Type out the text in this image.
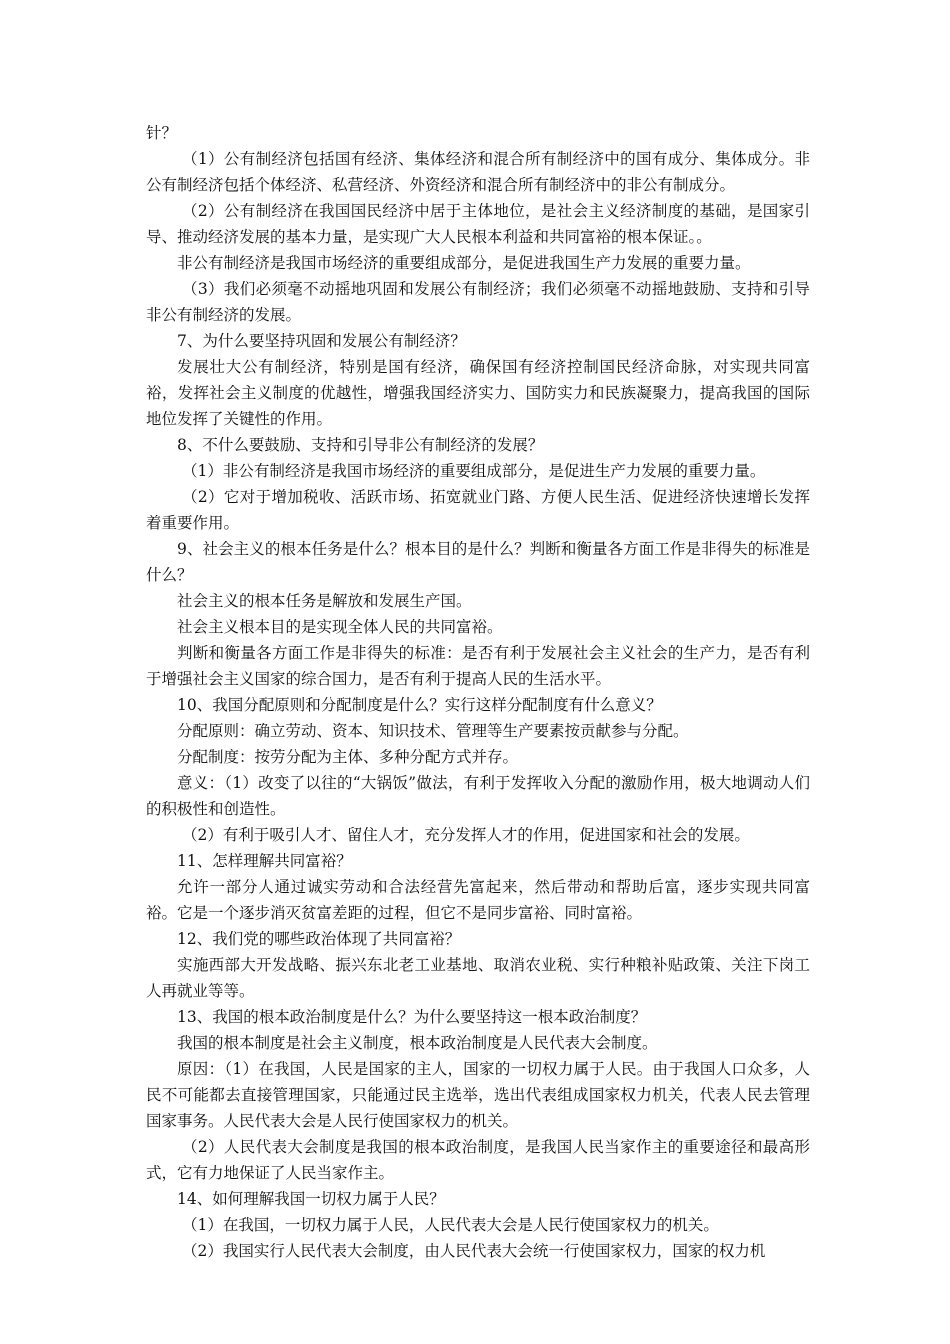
针？

（1）公有制经济包括国有经济、集体经济和混合所有制经济中的国有成分、集体成分。非公有制经济包括个体经济、私营经济、外资经济和混合所有制经济中的非公有制成分。

（2）公有制经济在我国国民经济中居于主体地位，是社会主义经济制度的基础，是国家引导、推动经济发展的基本力量，是实现广大人民根本利益和共同富裕的根本保证。。

非公有制经济是我国市场经济的重要组成部分，是促进我国生产力发展的重要力量。

（3）我们必须毫不动摇地巩固和发展公有制经济；我们必须毫不动摇地鼓励、支持和引导非公有制经济的发展。

7、为什么要坚持巩固和发展公有制经济？

发展壮大公有制经济，特别是国有经济，确保国有经济控制国民经济命脉，对实现共同富裕，发挥社会主义制度的优越性，增强我国经济实力、国防实力和民族凝聚力，提高我国的国际地位发挥了关键性的作用。

8、不什么要鼓励、支持和引导非公有制经济的发展？

（1）非公有制经济是我国市场经济的重要组成部分，是促进生产力发展的重要力量。

（2）它对于增加税收、活跃市场、拓宽就业门路、方便人民生活、促进经济快速增长发挥着重要作用。

9、社会主义的根本任务是什么？根本目的是什么？判断和衡量各方面工作是非得失的标准是什么？

社会主义的根本任务是解放和发展生产国。

社会主义根本目的是实现全体人民的共同富裕。

判断和衡量各方面工作是非得失的标准：是否有利于发展社会主义社会的生产力，是否有利于增强社会主义国家的综合国力，是否有利于提高人民的生活水平。

10、我国分配原则和分配制度是什么？实行这样分配制度有什么意义？

分配原则：确立劳动、资本、知识技术、管理等生产要素按贡献参与分配。

分配制度：按劳分配为主体、多种分配方式并存。

意义：（1）改变了以往的“大锅饭”做法，有利于发挥收入分配的激励作用，极大地调动人们的积极性和创造性。

（2）有利于吸引人才、留住人才，充分发挥人才的作用，促进国家和社会的发展。

11、怎样理解共同富裕？

允许一部分人通过诚实劳动和合法经营先富起来，然后带动和帮助后富，逐步实现共同富裕。它是一个逐步消灭贫富差距的过程，但它不是同步富裕、同时富裕。

12、我们党的哪些政治体现了共同富裕？

实施西部大开发战略、振兴东北老工业基地、取消农业税、实行种粮补贴政策、关注下岗工人再就业等等。

13、我国的根本政治制度是什么？为什么要坚持这一根本政治制度？

我国的根本制度是社会主义制度，根本政治制度是人民代表大会制度。

原因：（1）在我国，人民是国家的主人，国家的一切权力属于人民。由于我国人口众多，人民不可能都去直接管理国家，只能通过民主选举，选出代表组成国家权力机关，代表人民去管理国家事务。人民代表大会是人民行使国家权力的机关。

（2）人民代表大会制度是我国的根本政治制度，是我国人民当家作主的重要途径和最高形式，它有力地保证了人民当家作主。

14、如何理解我国一切权力属于人民？

（1）在我国，一切权力属于人民，人民代表大会是人民行使国家权力的机关。

（2）我国实行人民代表大会制度，由人民代表大会统一行使国家权力，国家的权力机
